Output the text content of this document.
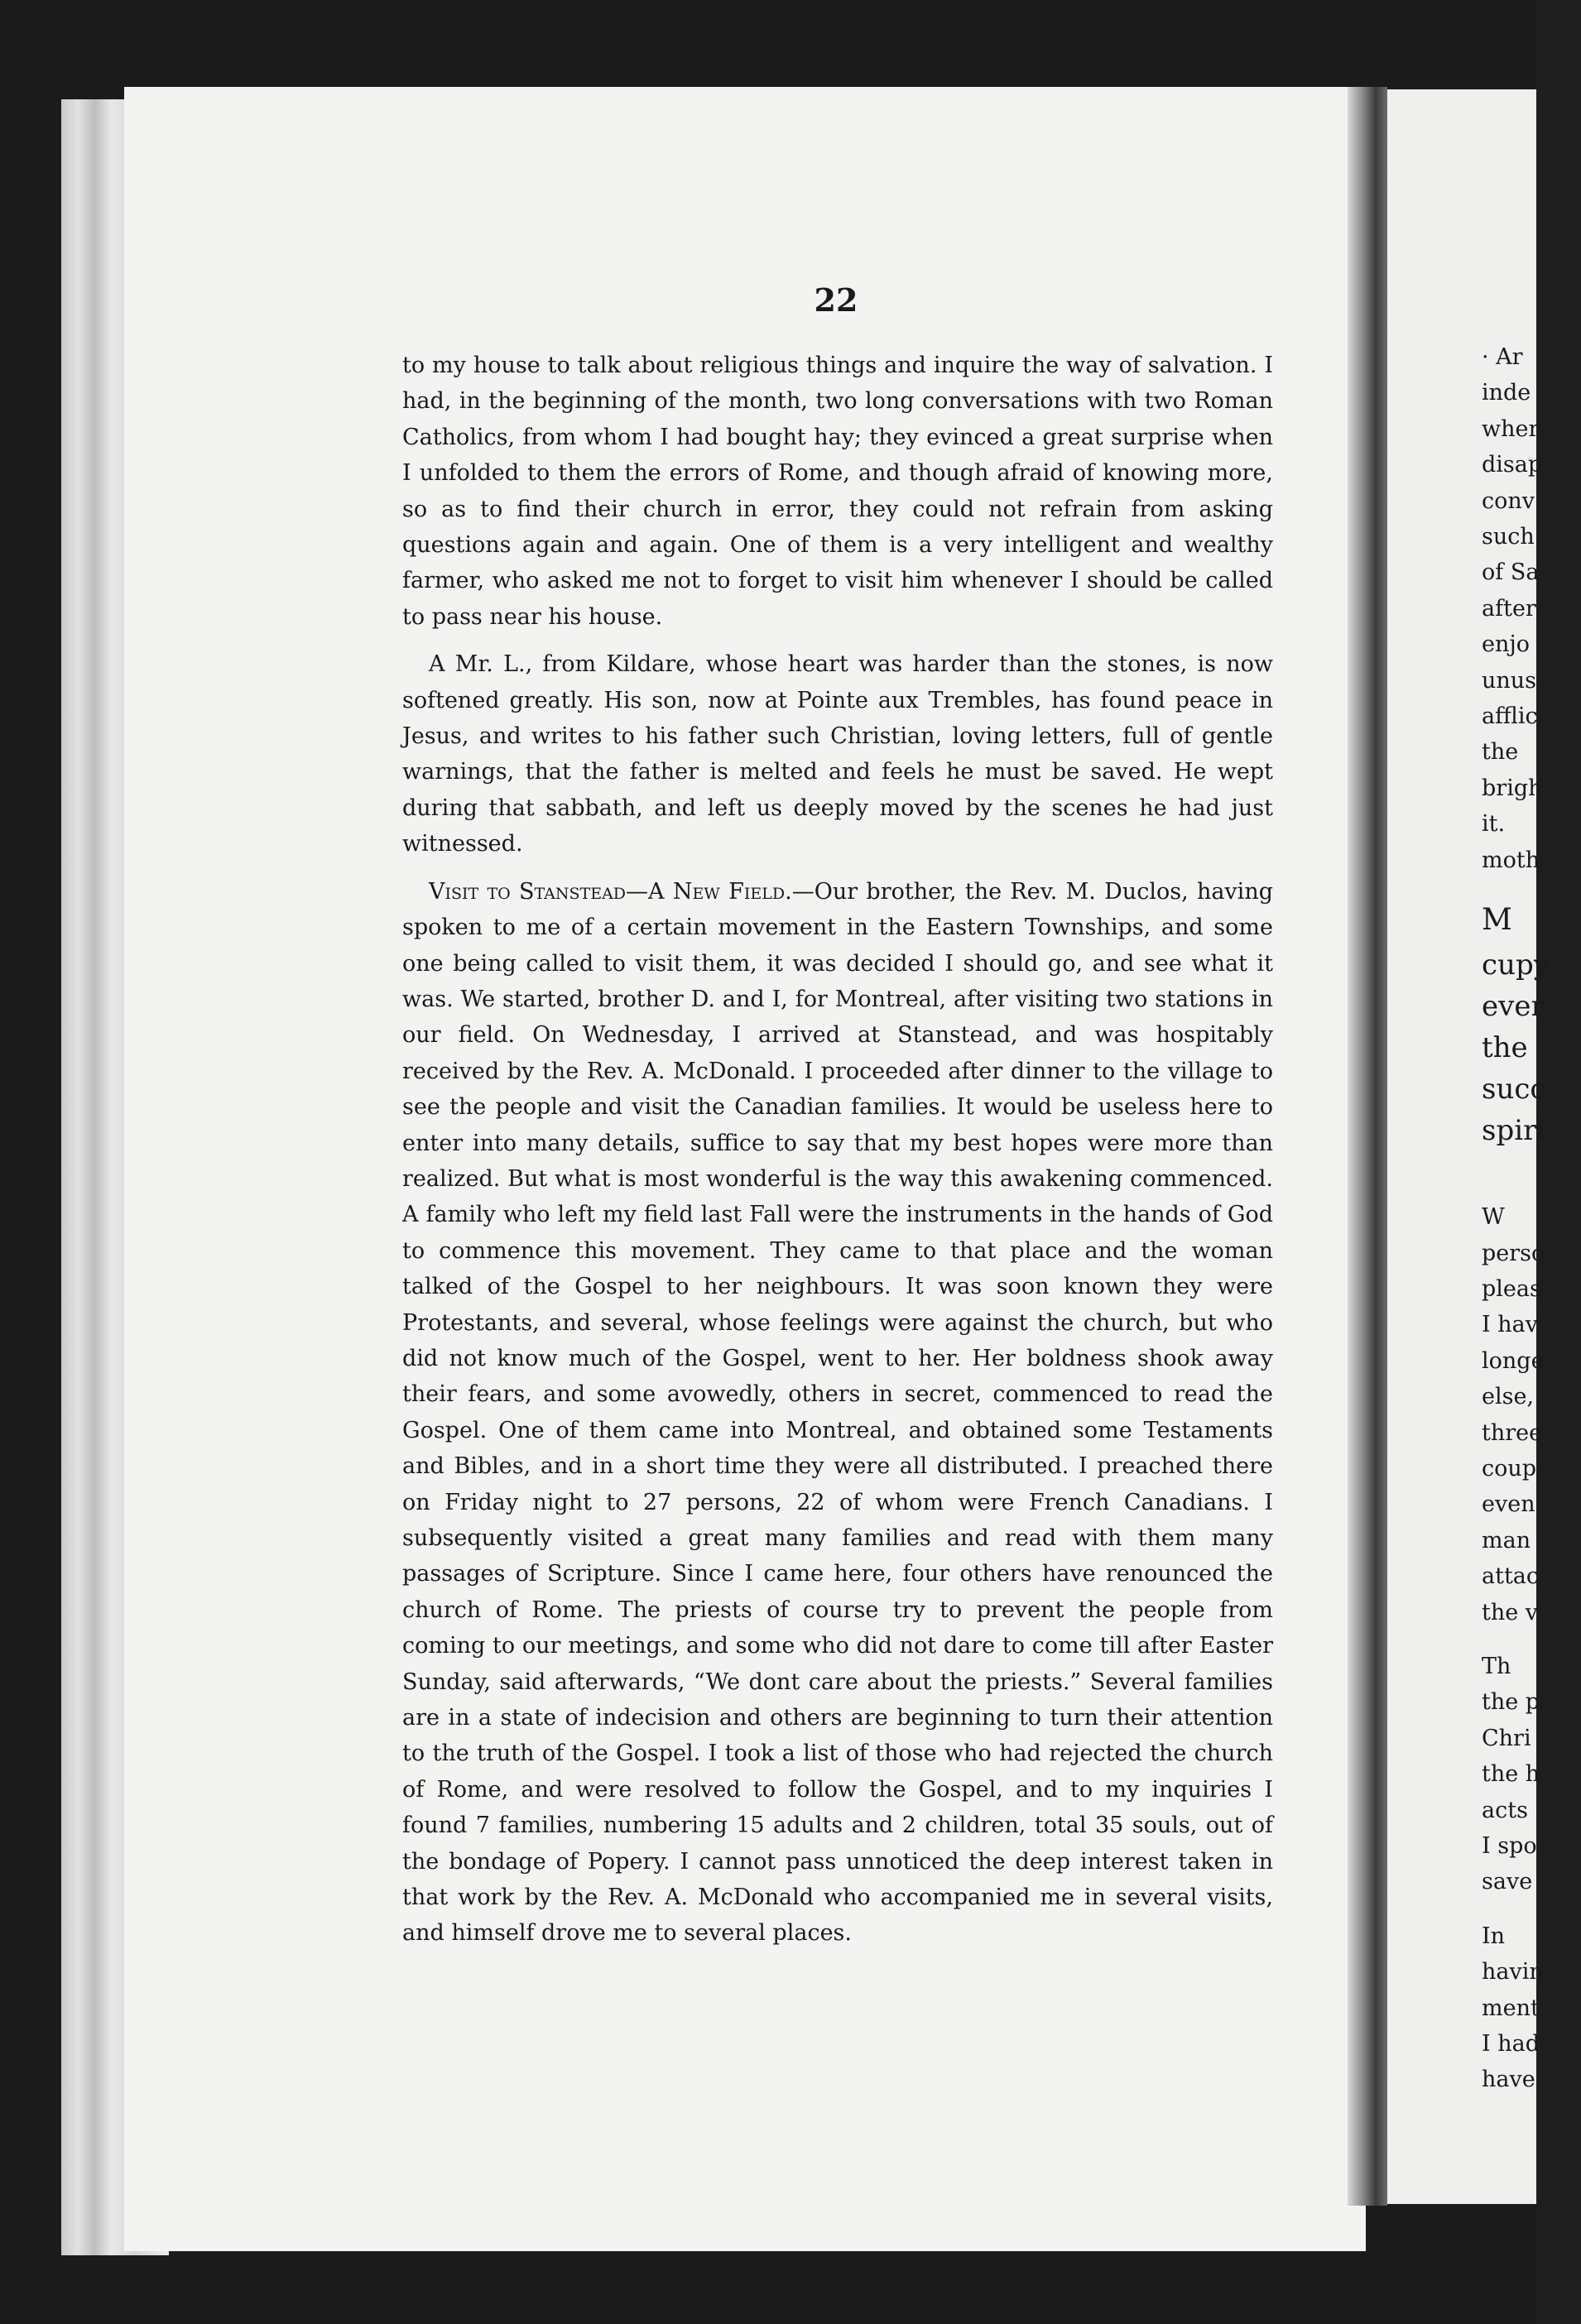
22

to my house to talk about religious things and inquire the way of salvation. I had, in the beginning of the month, two long conversations with two Roman Catholics, from whom I had bought hay; they evinced a great surprise when I unfolded to them the errors of Rome, and though afraid of knowing more, so as to find their church in error, they could not refrain from asking questions again and again. One of them is a very intelligent and wealthy farmer, who asked me not to forget to visit him whenever I should be called to pass near his house.

A Mr. L., from Kildare, whose heart was harder than the stones, is now softened greatly. His son, now at Pointe aux Trembles, has found peace in Jesus, and writes to his father such Christian, loving letters, full of gentle warnings, that the father is melted and feels he must be saved. He wept during that sabbath, and left us deeply moved by the scenes he had just witnessed.

Visit to Stanstead—A New Field.—Our brother, the Rev. M. Duclos, having spoken to me of a certain movement in the Eastern Townships, and some one being called to visit them, it was decided I should go, and see what it was. We started, brother D. and I, for Montreal, after visiting two stations in our field. On Wednesday, I arrived at Stanstead, and was hospitably received by the Rev. A. McDonald. I proceeded after dinner to the village to see the people and visit the Canadian families. It would be useless here to enter into many details, suffice to say that my best hopes were more than realized. But what is most wonderful is the way this awakening commenced. A family who left my field last Fall were the instruments in the hands of God to commence this movement. They came to that place and the woman talked of the Gospel to her neighbours. It was soon known they were Protestants, and several, whose feelings were against the church, but who did not know much of the Gospel, went to her. Her boldness shook away their fears, and some avowedly, others in secret, commenced to read the Gospel. One of them came into Montreal, and obtained some Testaments and Bibles, and in a short time they were all distributed. I preached there on Friday night to 27 persons, 22 of whom were French Canadians. I subsequently visited a great many families and read with them many passages of Scripture. Since I came here, four others have renounced the church of Rome. The priests of course try to prevent the people from coming to our meetings, and some who did not dare to come till after Easter Sunday, said afterwards, “We dont care about the priests.” Several families are in a state of indecision and others are beginning to turn their attention to the truth of the Gospel. I took a list of those who had rejected the church of Rome, and were resolved to follow the Gospel, and to my inquiries I found 7 families, numbering 15 adults and 2 children, total 35 souls, out of the bondage of Popery. I cannot pass unnoticed the deep interest taken in that work by the Rev. A. McDonald who accompanied me in several visits, and himself drove me to several places.

· Ar
inde
wher
disap
conv
such
of Sa
after
enjo
unus
afflic
the
brigh
it.
moth
M
cupy
ever
the
succ
spiri
W
perso
pleas
I hav
longe
else,
three
coup
even
man
attac
the v
Th
the p
Chri
the h
acts
I spo
save
In
havin
ment
I had
have
